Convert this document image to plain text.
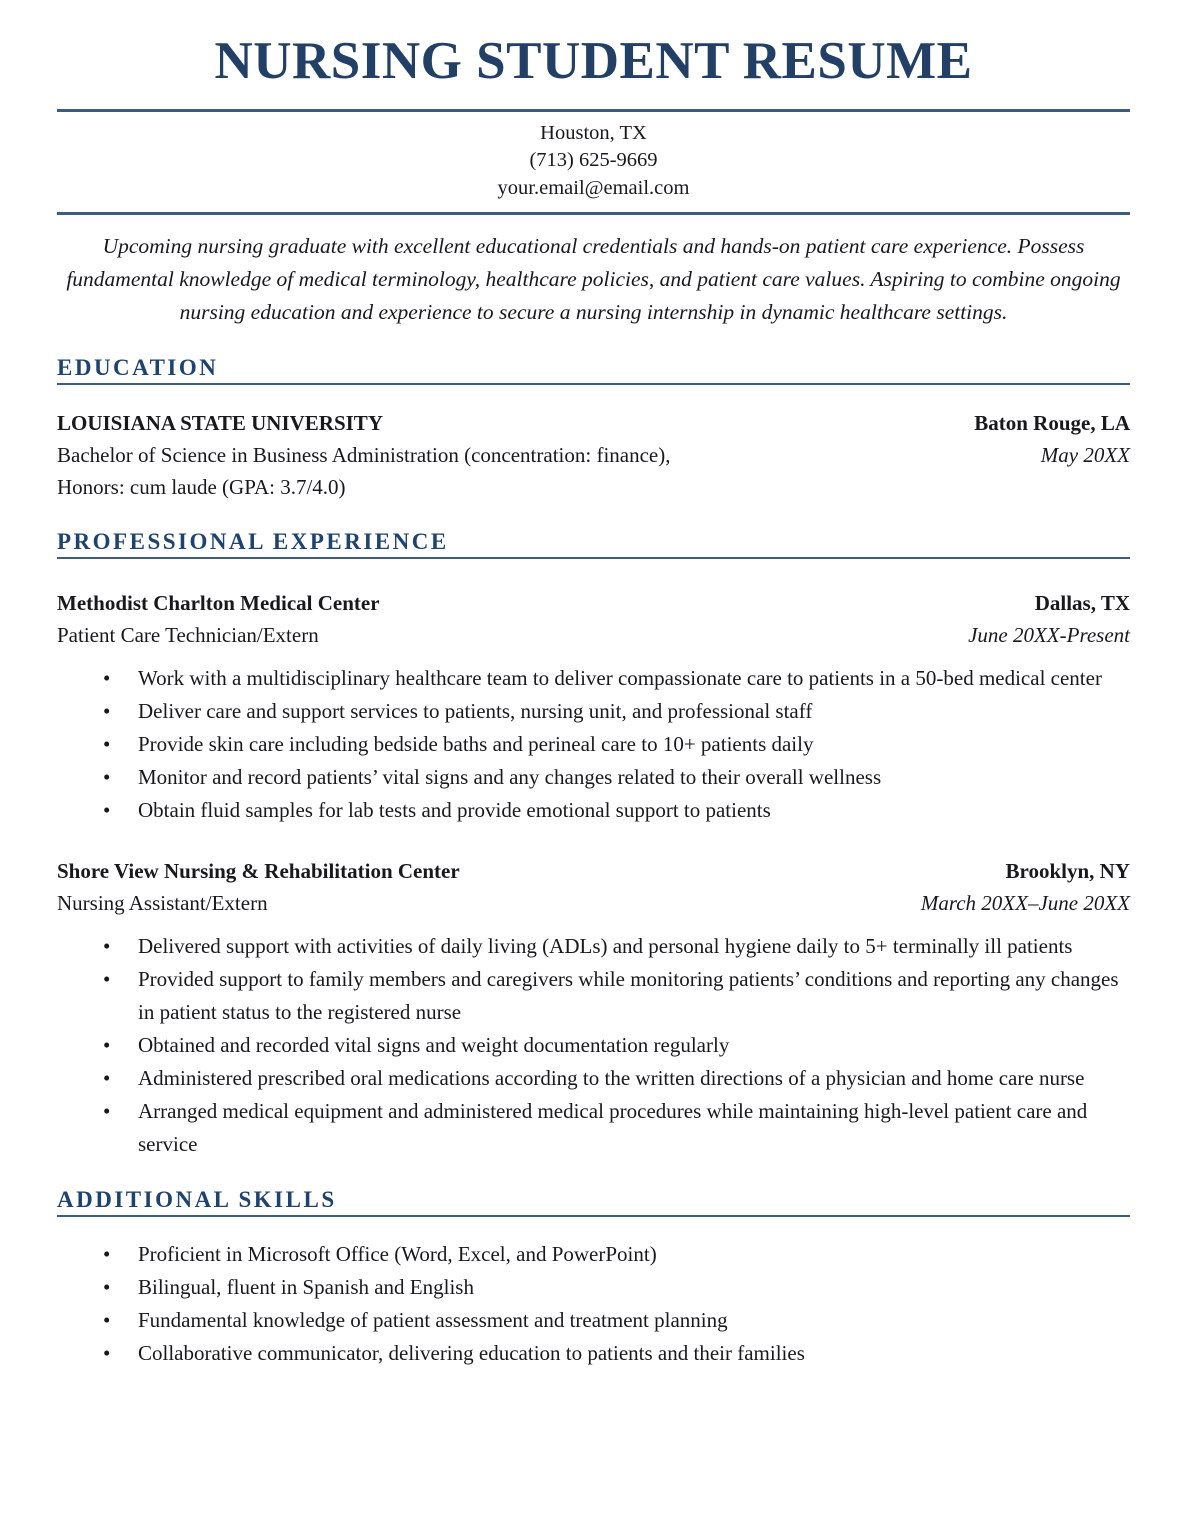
NURSING STUDENT RESUME
Houston, TX
(713) 625-9669
your.email@email.com

Upcoming nursing graduate with excellent educational credentials and hands-on patient care experience. Possess fundamental knowledge of medical terminology, healthcare policies, and patient care values. Aspiring to combine ongoing nursing education and experience to secure a nursing internship in dynamic healthcare settings.

EDUCATION
LOUISIANA STATE UNIVERSITY	Baton Rouge, LA
Bachelor of Science in Business Administration (concentration: finance),	May 20XX
Honors: cum laude (GPA: 3.7/4.0)
PROFESSIONAL EXPERIENCE
Methodist Charlton Medical Center	Dallas, TX
Patient Care Technician/Extern	June 20XX-Present
• Work with a multidisciplinary healthcare team to deliver compassionate care to patients in a 50-bed medical center
• Deliver care and support services to patients, nursing unit, and professional staff
• Provide skin care including bedside baths and perineal care to 10+ patients daily
• Monitor and record patients’ vital signs and any changes related to their overall wellness
• Obtain fluid samples for lab tests and provide emotional support to patients
Shore View Nursing & Rehabilitation Center	Brooklyn, NY
Nursing Assistant/Extern	March 20XX–June 20XX
• Delivered support with activities of daily living (ADLs) and personal hygiene daily to 5+ terminally ill patients
• Provided support to family members and caregivers while monitoring patients’ conditions and reporting any changes in patient status to the registered nurse
• Obtained and recorded vital signs and weight documentation regularly
• Administered prescribed oral medications according to the written directions of a physician and home care nurse
• Arranged medical equipment and administered medical procedures while maintaining high-level patient care and service
ADDITIONAL SKILLS
• Proficient in Microsoft Office (Word, Excel, and PowerPoint)
• Bilingual, fluent in Spanish and English
• Fundamental knowledge of patient assessment and treatment planning
• Collaborative communicator, delivering education to patients and their families
